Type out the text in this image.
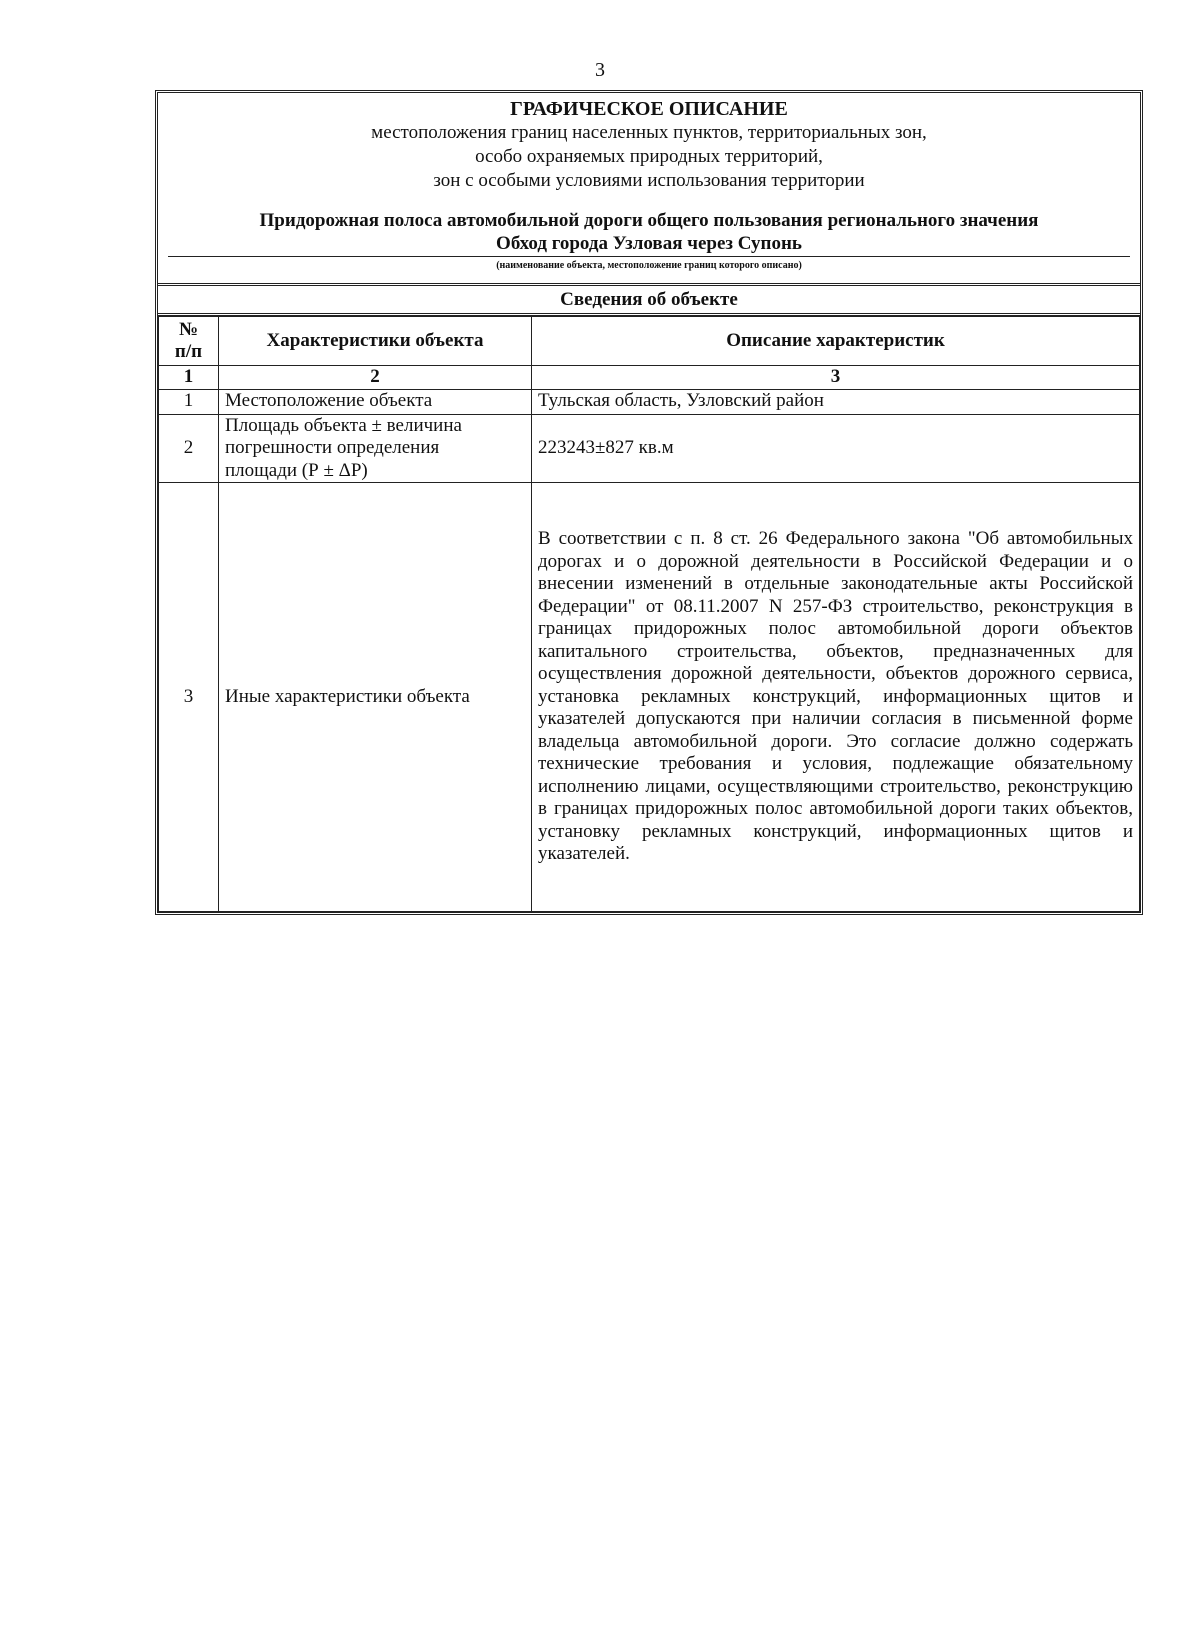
3
ГРАФИЧЕСКОЕ ОПИСАНИЕ
местоположения границ населенных пунктов, территориальных зон,
особо охраняемых природных территорий,
зон с особыми условиями использования территории
Придорожная полоса автомобильной дороги общего пользования регионального значения
Обход города Узловая через Супонь
(наименование объекта, местоположение границ которого описано)
Сведения об объекте
№
п/п	Характеристики объекта	Описание характеристик
1	2	3
1	Местоположение объекта	Тульская область, Узловский район
2	Площадь объекта ± величина
погрешности определения
площади (Р ± ΔР)	223243±827 кв.м
3	Иные характеристики объекта	В соответствии с п. 8 ст. 26 Федерального закона "Об автомобильных дорогах и о дорожной деятельности в Российской Федерации и о внесении изменений в отдельные законодательные акты Российской Федерации" от 08.11.2007 N 257-ФЗ строительство, реконструкция в границах придорожных полос автомобильной дороги объектов капитального строительства, объектов, предназначенных для осуществления дорожной деятельности, объектов дорожного сервиса, установка рекламных конструкций, информационных щитов и указателей допускаются при наличии согласия в письменной форме владельца автомобильной дороги. Это согласие должно содержать технические требования и условия, подлежащие обязательному исполнению лицами, осуществляющими строительство, реконструкцию в границах придорожных полос автомобильной дороги таких объектов, установку рекламных конструкций, информационных щитов и указателей.
